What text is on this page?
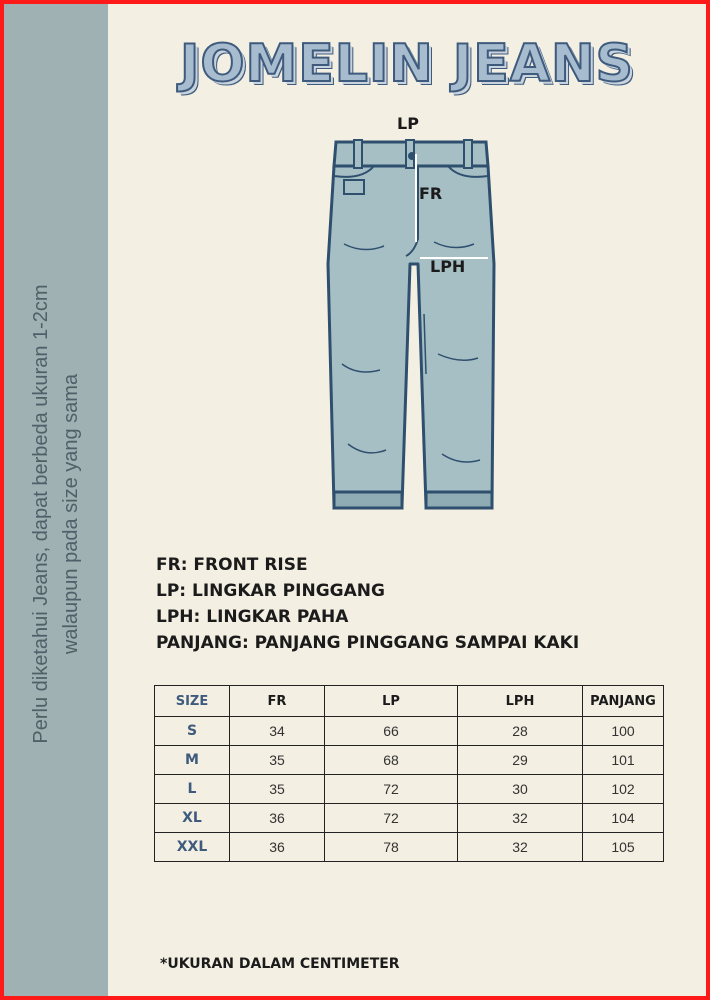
Perlu diketahui Jeans, dapat berbeda ukuran 1-2cm walaupun pada size yang sama
JOMELIN JEANS
LP
FR
LPH
FR: FRONT RISE
LP: LINGKAR PINGGANG
LPH: LINGKAR PAHA
PANJANG: PANJANG PINGGANG SAMPAI KAKI
SIZE	FR	LP	LPH	PANJANG
S	34	66	28	100
M	35	68	29	101
L	35	72	30	102
XL	36	72	32	104
XXL	36	78	32	105
*UKURAN DALAM CENTIMETER
